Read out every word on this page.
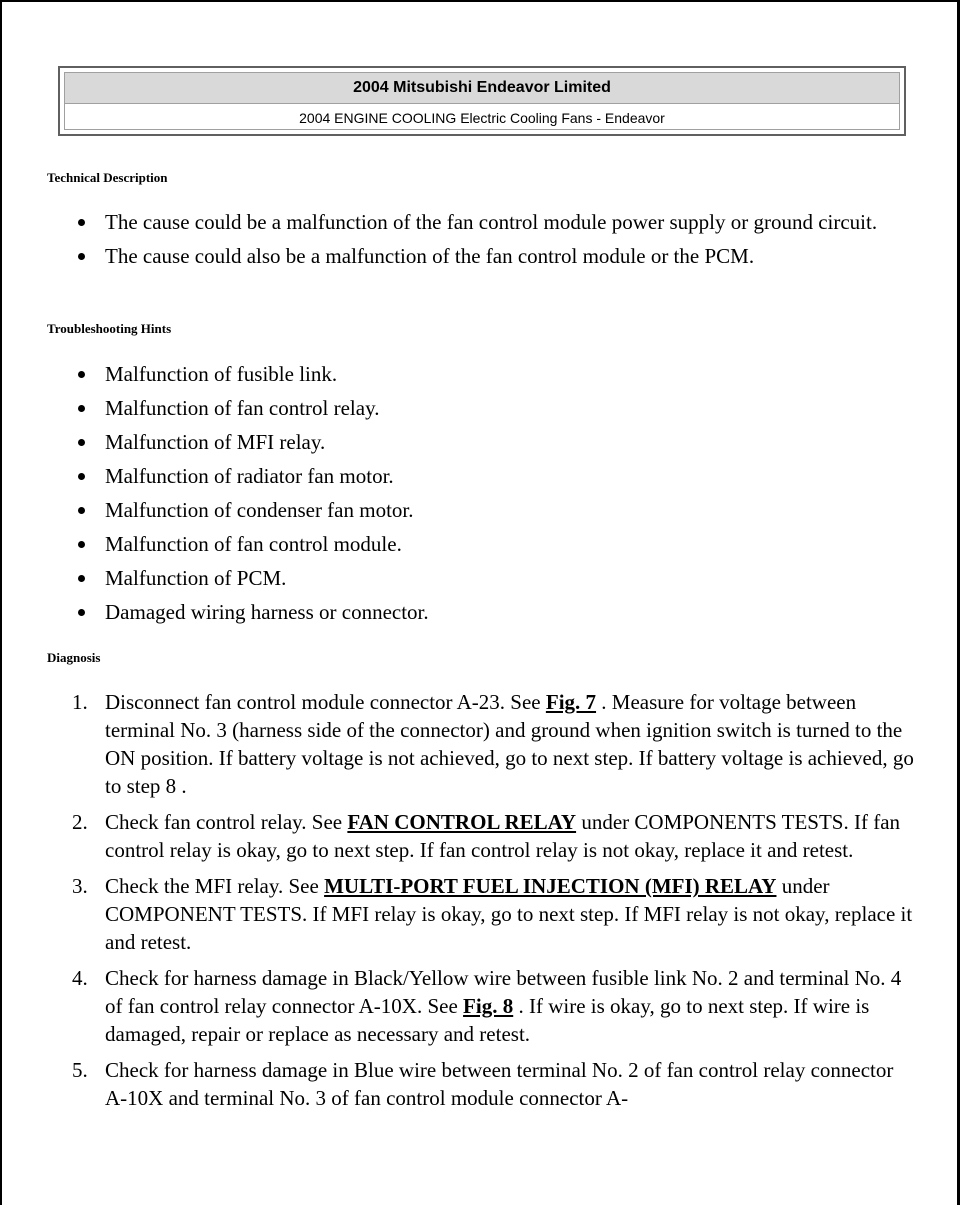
2004 Mitsubishi Endeavor Limited
2004 ENGINE COOLING Electric Cooling Fans - Endeavor
Technical Description
The cause could be a malfunction of the fan control module power supply or ground circuit.
The cause could also be a malfunction of the fan control module or the PCM.
Troubleshooting Hints
Malfunction of fusible link.
Malfunction of fan control relay.
Malfunction of MFI relay.
Malfunction of radiator fan motor.
Malfunction of condenser fan motor.
Malfunction of fan control module.
Malfunction of PCM.
Damaged wiring harness or connector.
Diagnosis
1. Disconnect fan control module connector A-23. See Fig. 7 . Measure for voltage between terminal No. 3 (harness side of the connector) and ground when ignition switch is turned to the ON position. If battery voltage is not achieved, go to next step. If battery voltage is achieved, go to step 8 .
2. Check fan control relay. See FAN CONTROL RELAY under COMPONENTS TESTS. If fan control relay is okay, go to next step. If fan control relay is not okay, replace it and retest.
3. Check the MFI relay. See MULTI-PORT FUEL INJECTION (MFI) RELAY under COMPONENT TESTS. If MFI relay is okay, go to next step. If MFI relay is not okay, replace it and retest.
4. Check for harness damage in Black/Yellow wire between fusible link No. 2 and terminal No. 4 of fan control relay connector A-10X. See Fig. 8 . If wire is okay, go to next step. If wire is damaged, repair or replace as necessary and retest.
5. Check for harness damage in Blue wire between terminal No. 2 of fan control relay connector A-10X and terminal No. 3 of fan control module connector A-
